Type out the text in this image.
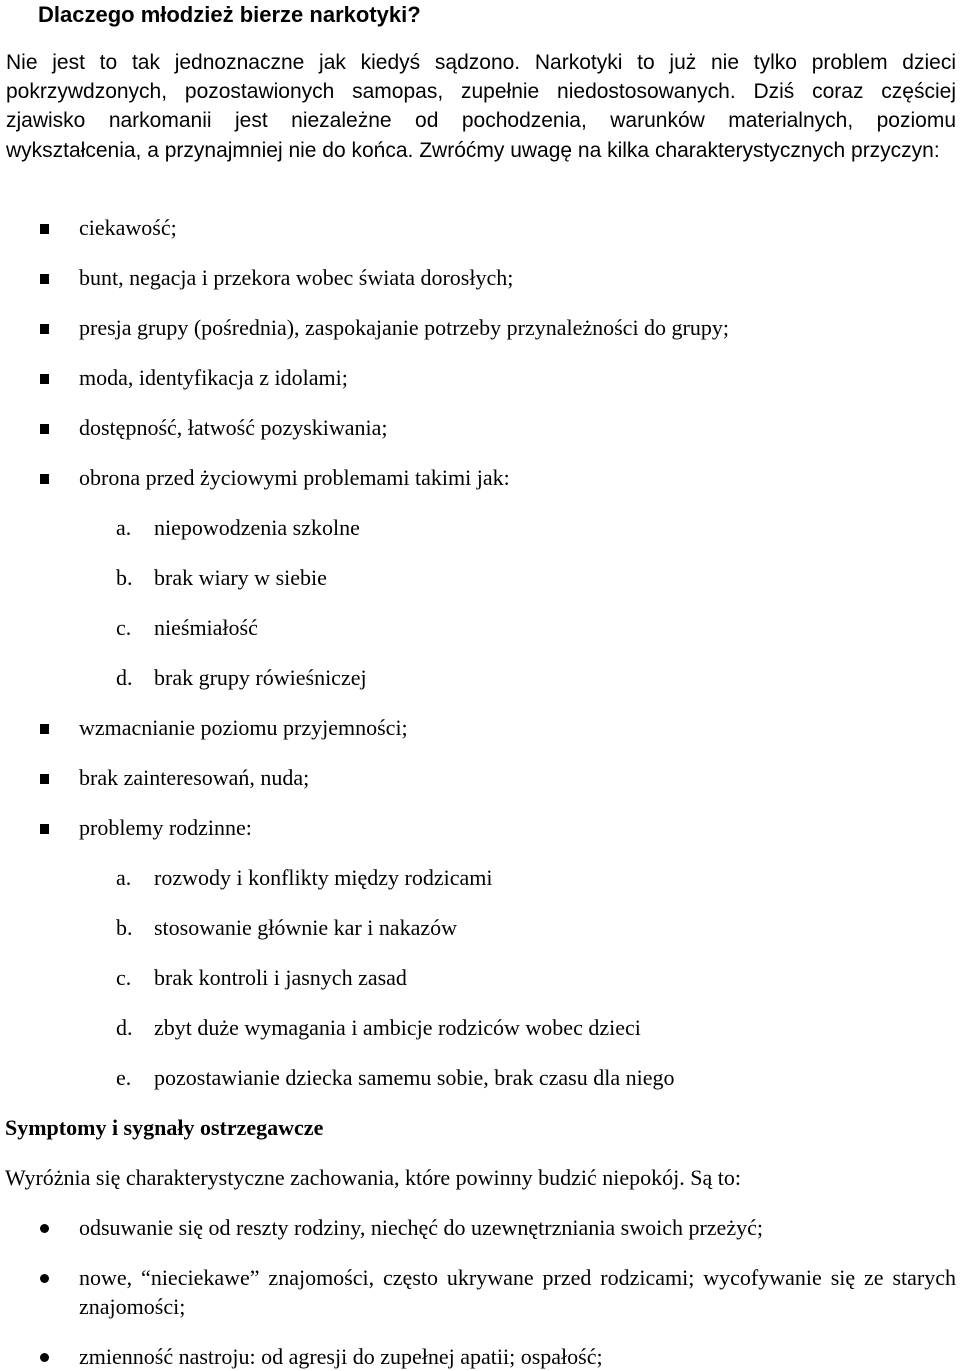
Dlaczego młodzież bierze narkotyki?

Nie jest to tak jednoznaczne jak kiedyś sądzono. Narkotyki to już nie tylko problem dzieci pokrzywdzonych, pozostawionych samopas, zupełnie niedostosowanych. Dziś coraz częściej zjawisko narkomanii jest niezależne od pochodzenia, warunków materialnych, poziomu wykształcenia, a przynajmniej nie do końca. Zwróćmy uwagę na kilka charakterystycznych przyczyn:

ciekawość;

bunt, negacja i przekora wobec świata dorosłych;

presja grupy (pośrednia), zaspokajanie potrzeby przynależności do grupy;

moda, identyfikacja z idolami;

dostępność, łatwość pozyskiwania;

obrona przed życiowymi problemami takimi jak:

a. niepowodzenia szkolne

b. brak wiary w siebie

c. nieśmiałość

d. brak grupy rówieśniczej

wzmacnianie poziomu przyjemności;

brak zainteresowań, nuda;

problemy rodzinne:

a. rozwody i konflikty między rodzicami

b. stosowanie głównie kar i nakazów

c. brak kontroli i jasnych zasad

d. zbyt duże wymagania i ambicje rodziców wobec dzieci

e. pozostawianie dziecka samemu sobie, brak czasu dla niego

Symptomy i sygnały ostrzegawcze

Wyróżnia się charakterystyczne zachowania, które powinny budzić niepokój. Są to:

odsuwanie się od reszty rodziny, niechęć do uzewnętrzniania swoich przeżyć;

nowe, “nieciekawe” znajomości, często ukrywane przed rodzicami; wycofywanie się ze starych znajomości;

zmienność nastroju: od agresji do zupełnej apatii; ospałość;
